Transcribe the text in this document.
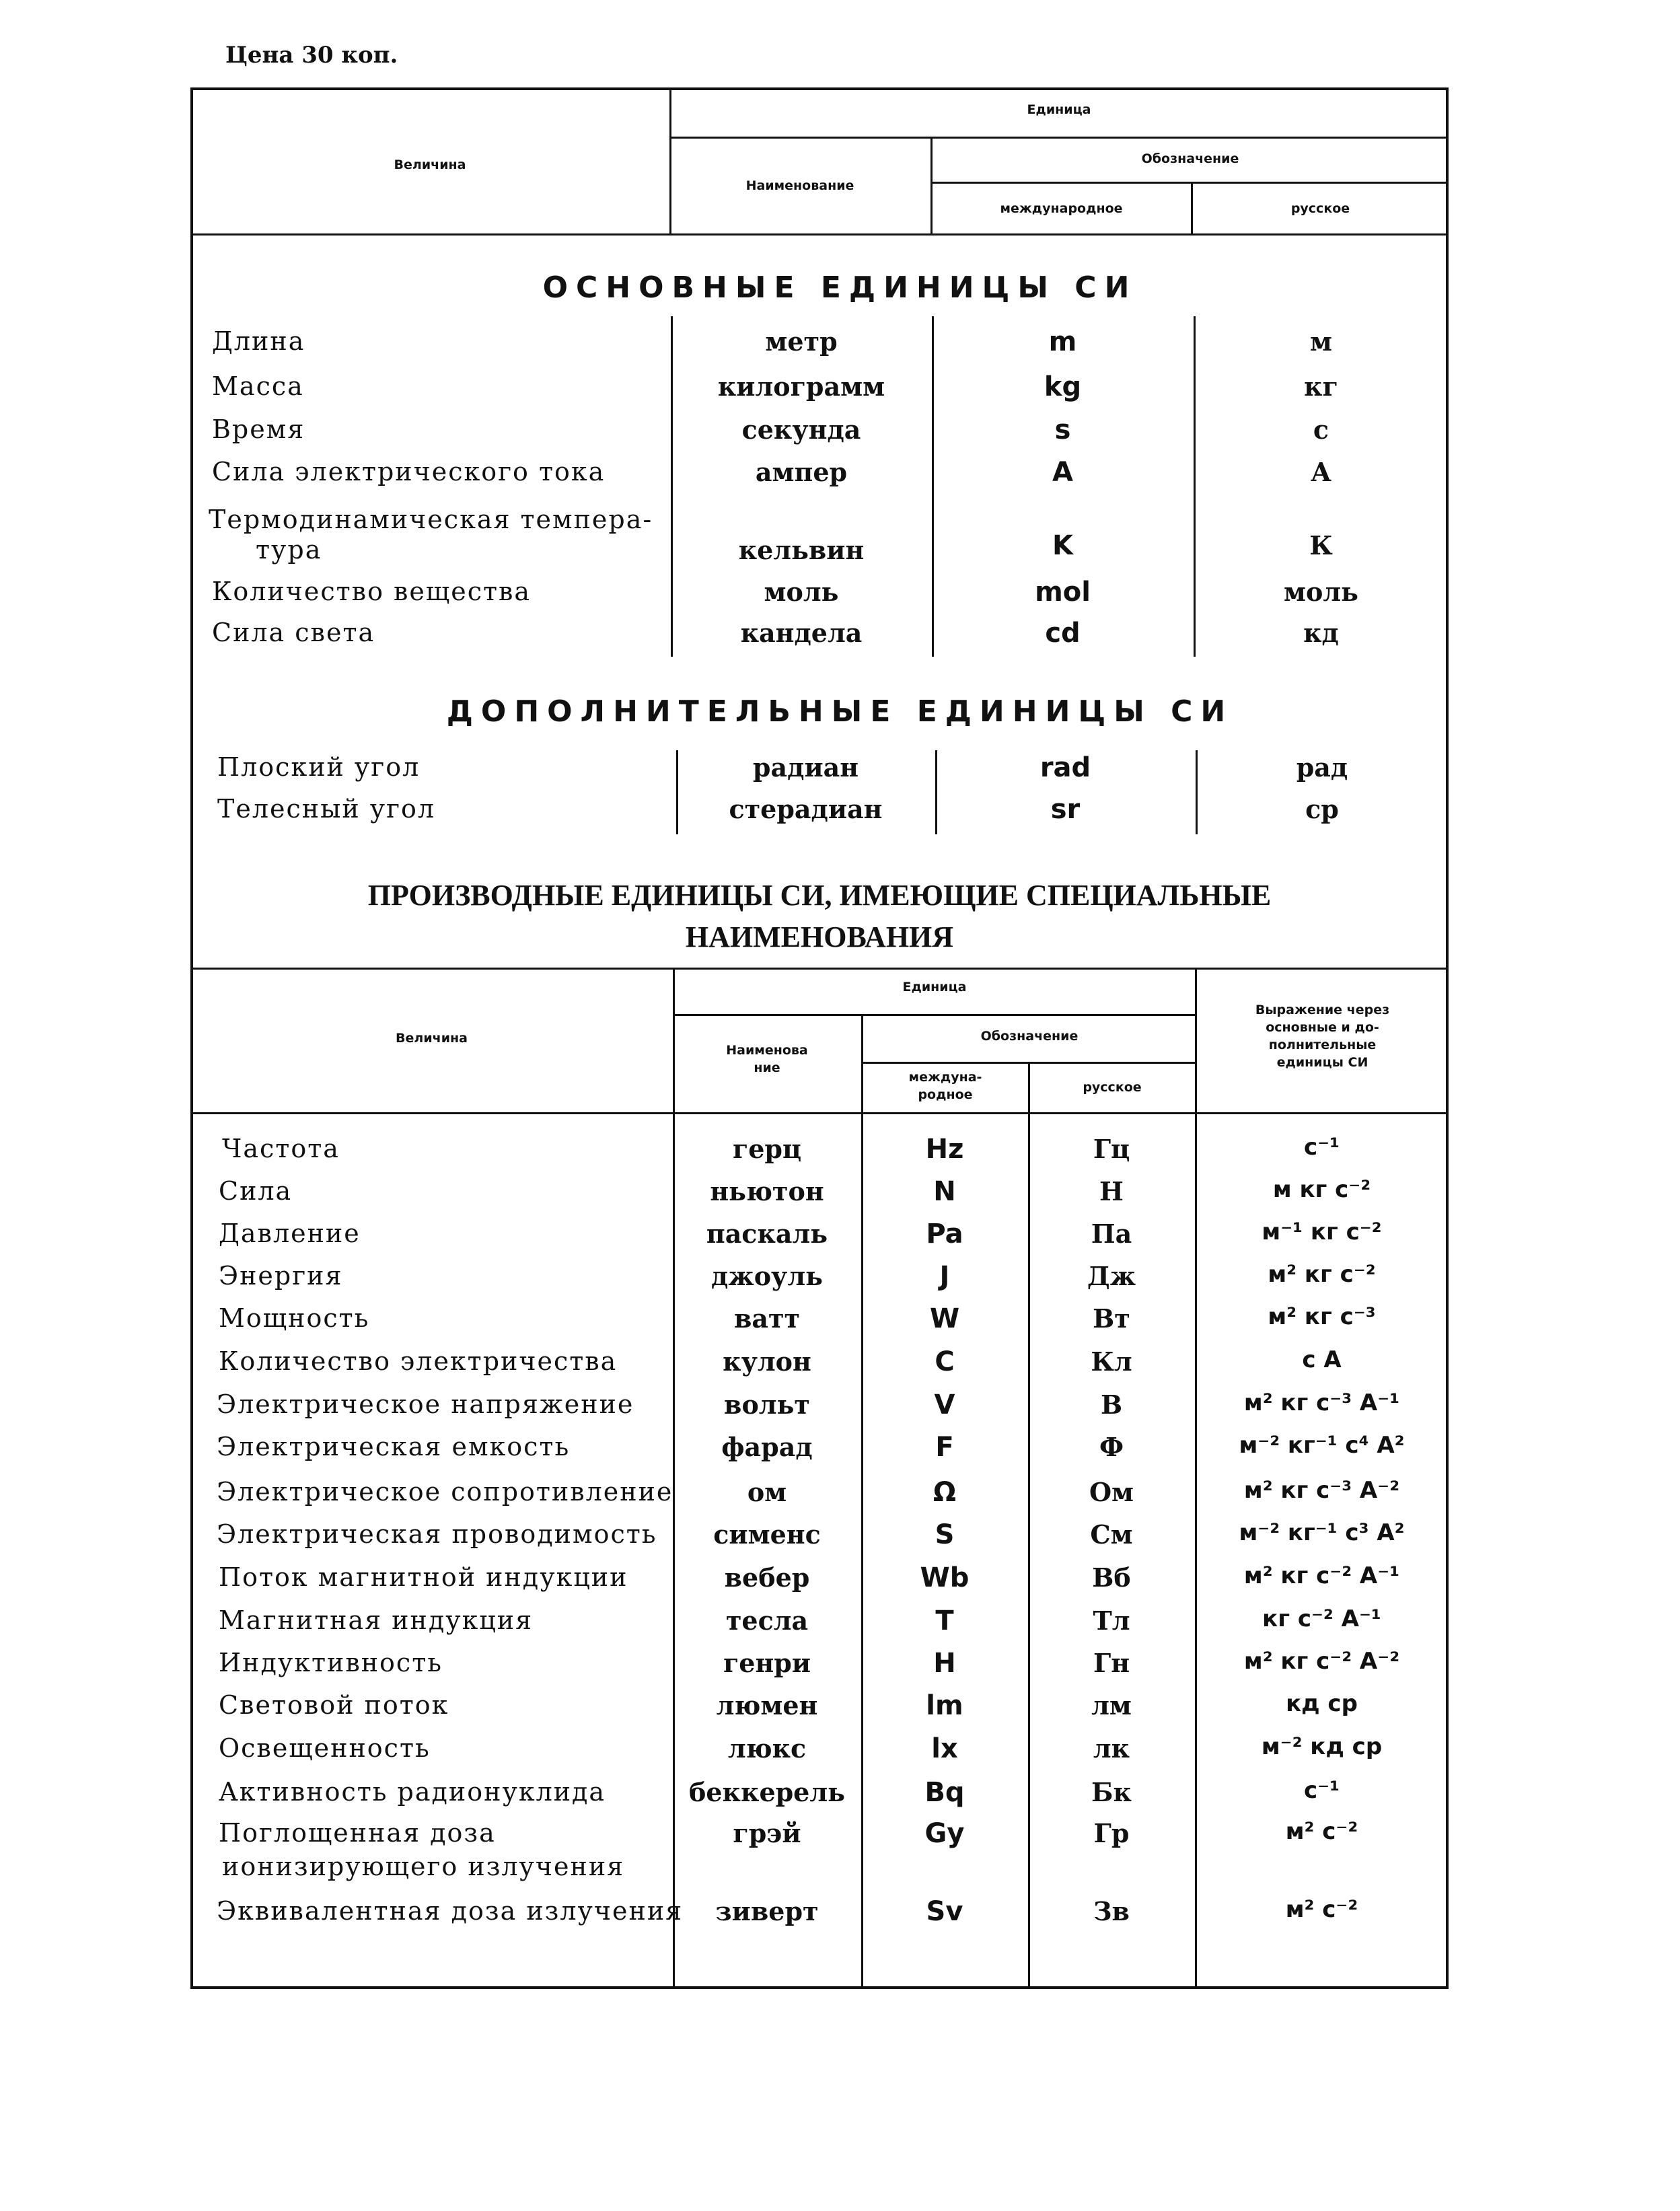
Цена 30 коп.
Величина
Единица
Наименование
Обозначение
международное	русское
ОСНОВНЫЕ ЕДИНИЦЫ СИ
Длина	метр	m	м
Масса	килограмм	kg	кг
Время	секунда	s	с
Сила электрического тока	ампер	A	А
Термодинамическая темпера-
тура	кельвин	K	К
Количество вещества	моль	mol	моль
Сила света	кандела	cd	кд
ДОПОЛНИТЕЛЬНЫЕ ЕДИНИЦЫ СИ
Плоский угол	радиан	rad	рад
Телесный угол	стерадиан	sr	ср
ПРОИЗВОДНЫЕ ЕДИНИЦЫ СИ, ИМЕЮЩИЕ СПЕЦИАЛЬНЫЕ
НАИМЕНОВАНИЯ
Величина
Единица
Наименова
ние
Обозначение
междуна-
родное	русское
Выражение через
основные и до-
полнительные
единицы СИ
Частота	герц	Hz	Гц	с⁻¹
Сила	ньютон	N	Н	м кг с⁻²
Давление	паскаль	Pa	Па	м⁻¹ кг с⁻²
Энергия	джоуль	J	Дж	м² кг с⁻²
Мощность	ватт	W	Вт	м² кг с⁻³
Количество электричества	кулон	C	Кл	с А
Электрическое напряжение	вольт	V	В	м² кг с⁻³ А⁻¹
Электрическая емкость	фарад	F	Ф	м⁻² кг⁻¹ с⁴ А²
Электрическое сопротивление	ом	Ω	Ом	м² кг с⁻³ А⁻²
Электрическая проводимость	сименс	S	См	м⁻² кг⁻¹ с³ А²
Поток магнитной индукции	вебер	Wb	Вб	м² кг с⁻² А⁻¹
Магнитная индукция	тесла	T	Тл	кг с⁻² А⁻¹
Индуктивность	генри	H	Гн	м² кг с⁻² А⁻²
Световой поток	люмен	lm	лм	кд ср
Освещенность	люкс	lx	лк	м⁻² кд ср
Активность радионуклида	беккерель	Bq	Бк	с⁻¹
Поглощенная доза
ионизирующего излучения
грэй	Gy	Гр	м² с⁻²
Эквивалентная доза излучения	зиверт	Sv	Зв	м² с⁻²
